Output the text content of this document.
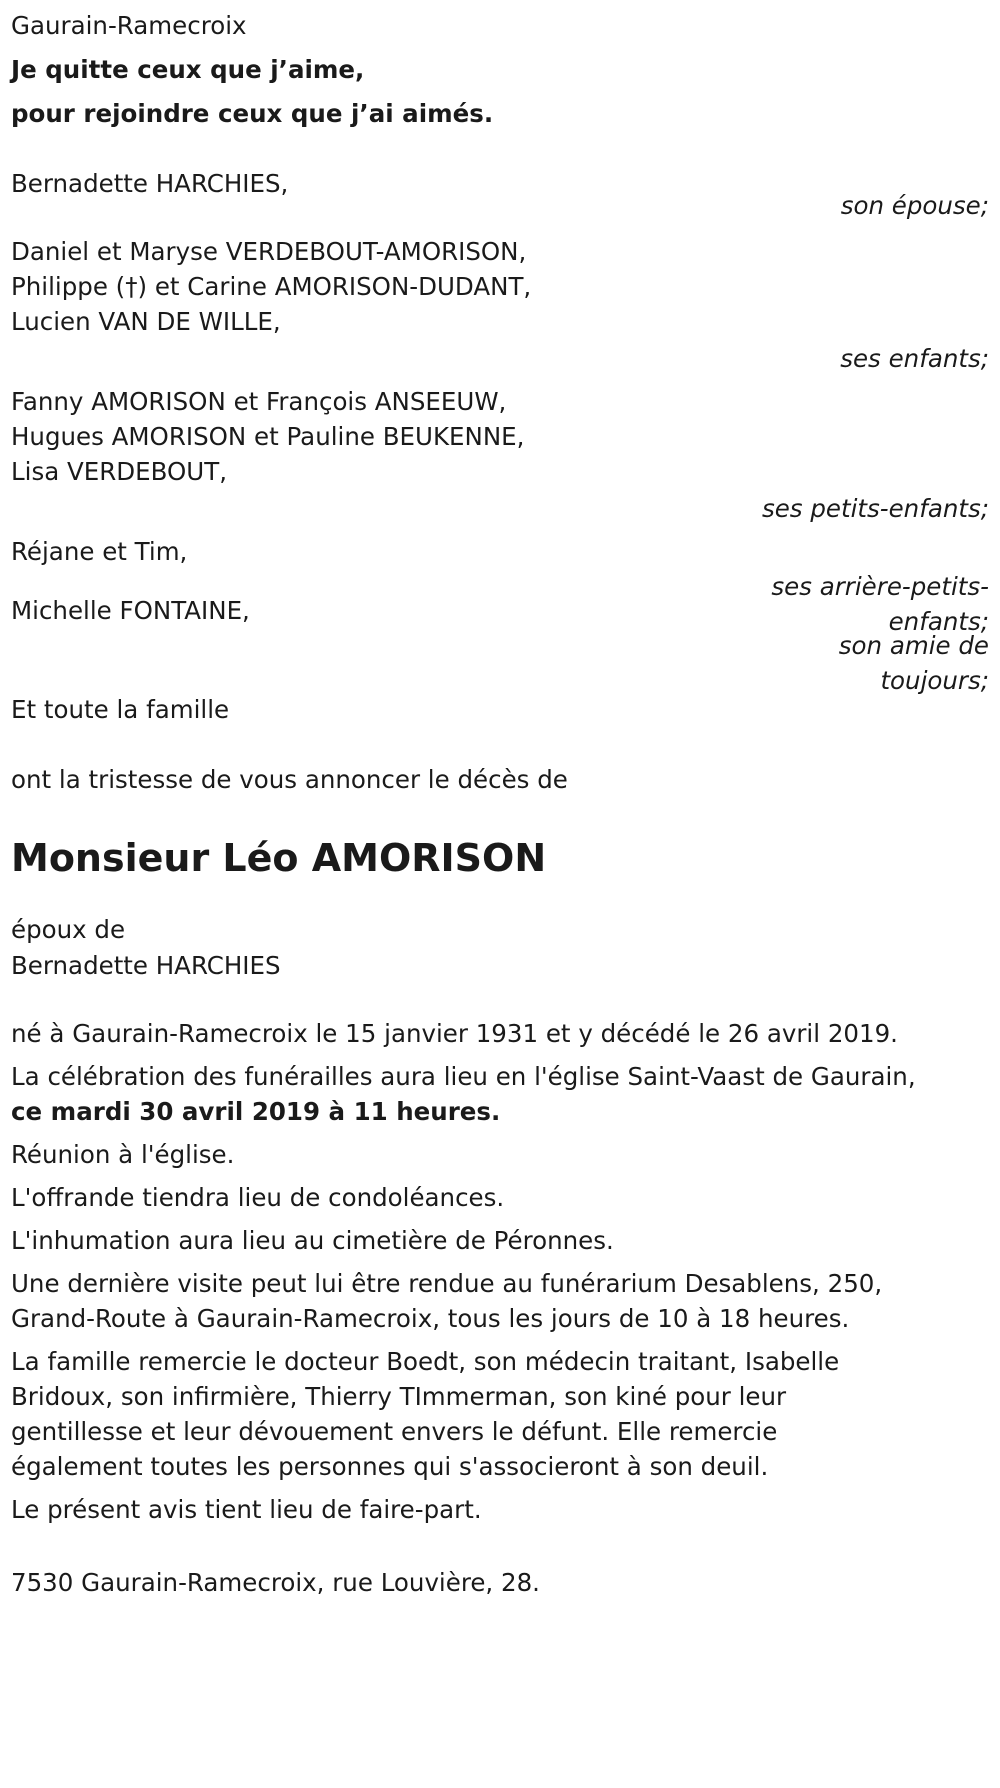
Gaurain-Ramecroix
Je quitte ceux que j’aime,
pour rejoindre ceux que j’ai aimés.
Bernadette HARCHIES,
son épouse;
Daniel et Maryse VERDEBOUT-AMORISON,
Philippe (†) et Carine AMORISON-DUDANT,
Lucien VAN DE WILLE,
ses enfants;
Fanny AMORISON et François ANSEEUW,
Hugues AMORISON et Pauline BEUKENNE,
Lisa VERDEBOUT,
ses petits-enfants;
Réjane et Tim,
ses arrière-petits-
enfants;
Michelle FONTAINE,
son amie de
toujours;
Et toute la famille
ont la tristesse de vous annoncer le décès de
Monsieur Léo AMORISON
époux de
Bernadette HARCHIES
né à Gaurain-Ramecroix le 15 janvier 1931 et y décédé le 26 avril 2019.
La célébration des funérailles aura lieu en l'église Saint-Vaast de Gaurain,
ce mardi 30 avril 2019 à 11 heures.
Réunion à l'église.
L'offrande tiendra lieu de condoléances.
L'inhumation aura lieu au cimetière de Péronnes.
Une dernière visite peut lui être rendue au funérarium Desablens, 250,
Grand-Route à Gaurain-Ramecroix, tous les jours de 10 à 18 heures.
La famille remercie le docteur Boedt, son médecin traitant, Isabelle
Bridoux, son infirmière, Thierry TImmerman, son kiné pour leur
gentillesse et leur dévouement envers le défunt. Elle remercie
également toutes les personnes qui s'associeront à son deuil.
Le présent avis tient lieu de faire-part.
7530 Gaurain-Ramecroix, rue Louvière, 28.
